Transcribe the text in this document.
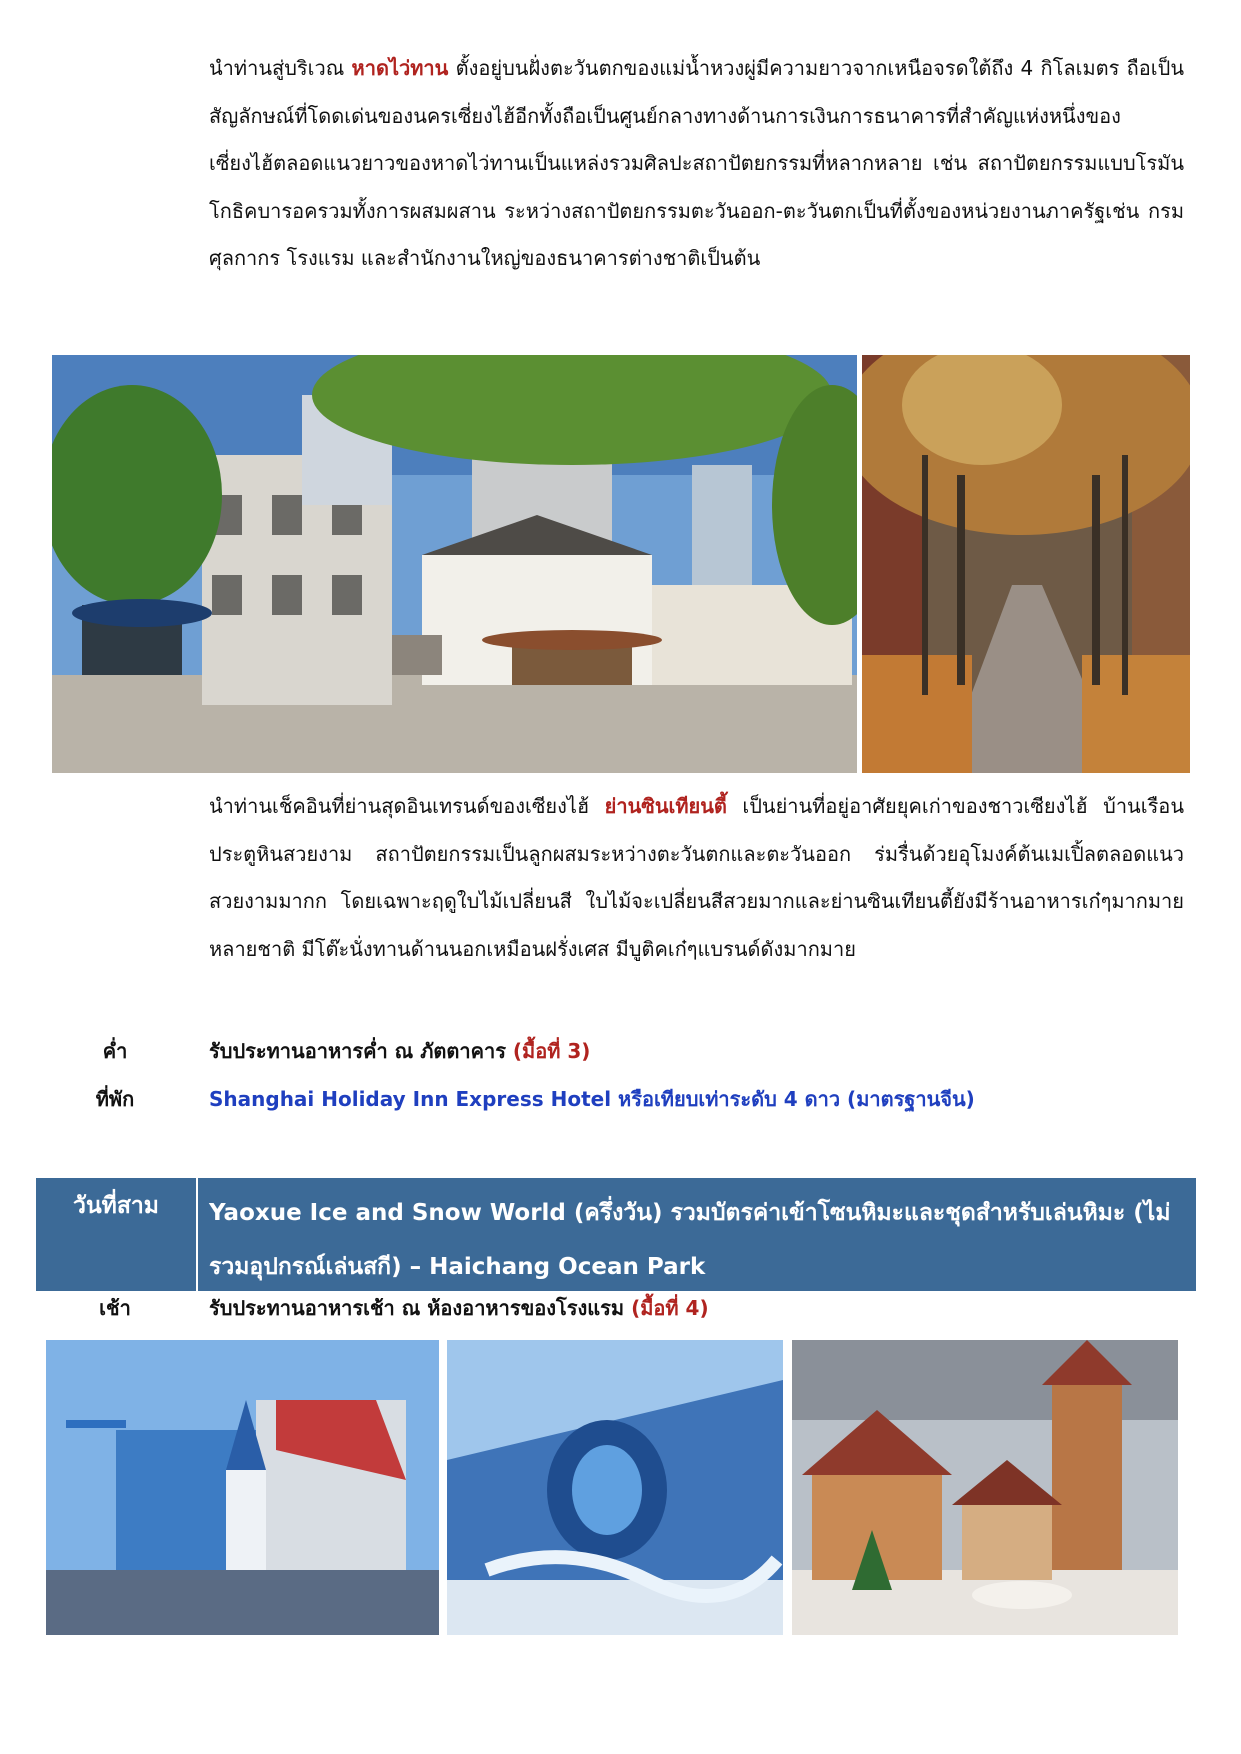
นำท่านสู่บริเวณ หาดไว่ทาน ตั้งอยู่บนฝั่งตะวันตกของแม่น้ำหวงผู่มีความยาวจากเหนือจรดใต้ถึง 4 กิโลเมตร ถือเป็นสัญลักษณ์ที่โดดเด่นของนครเซี่ยงไฮ้อีกทั้งถือเป็นศูนย์กลางทางด้านการเงินการธนาคารที่สำคัญแห่งหนึ่งของเซี่ยงไฮ้ตลอดแนวยาวของหาดไว่ทานเป็นแหล่งรวมศิลปะสถาปัตยกรรมที่หลากหลาย เช่น สถาปัตยกรรมแบบโรมันโกธิคบารอครวมทั้งการผสมผสาน ระหว่างสถาปัตยกรรมตะวันออก-ตะวันตกเป็นที่ตั้งของหน่วยงานภาครัฐเช่น กรมศุลกากร โรงแรม และสำนักงานใหญ่ของธนาคารต่างชาติเป็นต้น

นำท่านเช็คอินที่ย่านสุดอินเทรนด์ของเซียงไฮ้ ย่านซินเทียนตี้ เป็นย่านที่อยู่อาศัยยุคเก่าของชาวเซียงไฮ้ บ้านเรือนประตูหินสวยงาม สถาปัตยกรรมเป็นลูกผสมระหว่างตะวันตกและตะวันออก ร่มรื่นด้วยอุโมงค์ต้นเมเปิ้ลตลอดแนวสวยงามมากก โดยเฉพาะฤดูใบไม้เปลี่ยนสี ใบไม้จะเปลี่ยนสีสวยมากและย่านซินเทียนตี้ยังมีร้านอาหารเก๋ๆมากมายหลายชาติ มีโต๊ะนั่งทานด้านนอกเหมือนฝรั่งเศส มีบูติคเก๋ๆแบรนด์ดังมากมาย

ค่ำ	รับประทานอาหารค่ำ ณ ภัตตาคาร (มื้อที่ 3)
ที่พัก	Shanghai Holiday Inn Express Hotel หรือเทียบเท่าระดับ 4 ดาว (มาตรฐานจีน)
วันที่สาม	Yaoxue Ice and Snow World (ครึ่งวัน) รวมบัตรค่าเข้าโซนหิมะและชุดสำหรับเล่นหิมะ (ไม่รวมอุปกรณ์เล่นสกี) – Haichang Ocean Park
เช้า	รับประทานอาหารเช้า ณ ห้องอาหารของโรงแรม (มื้อที่ 4)
